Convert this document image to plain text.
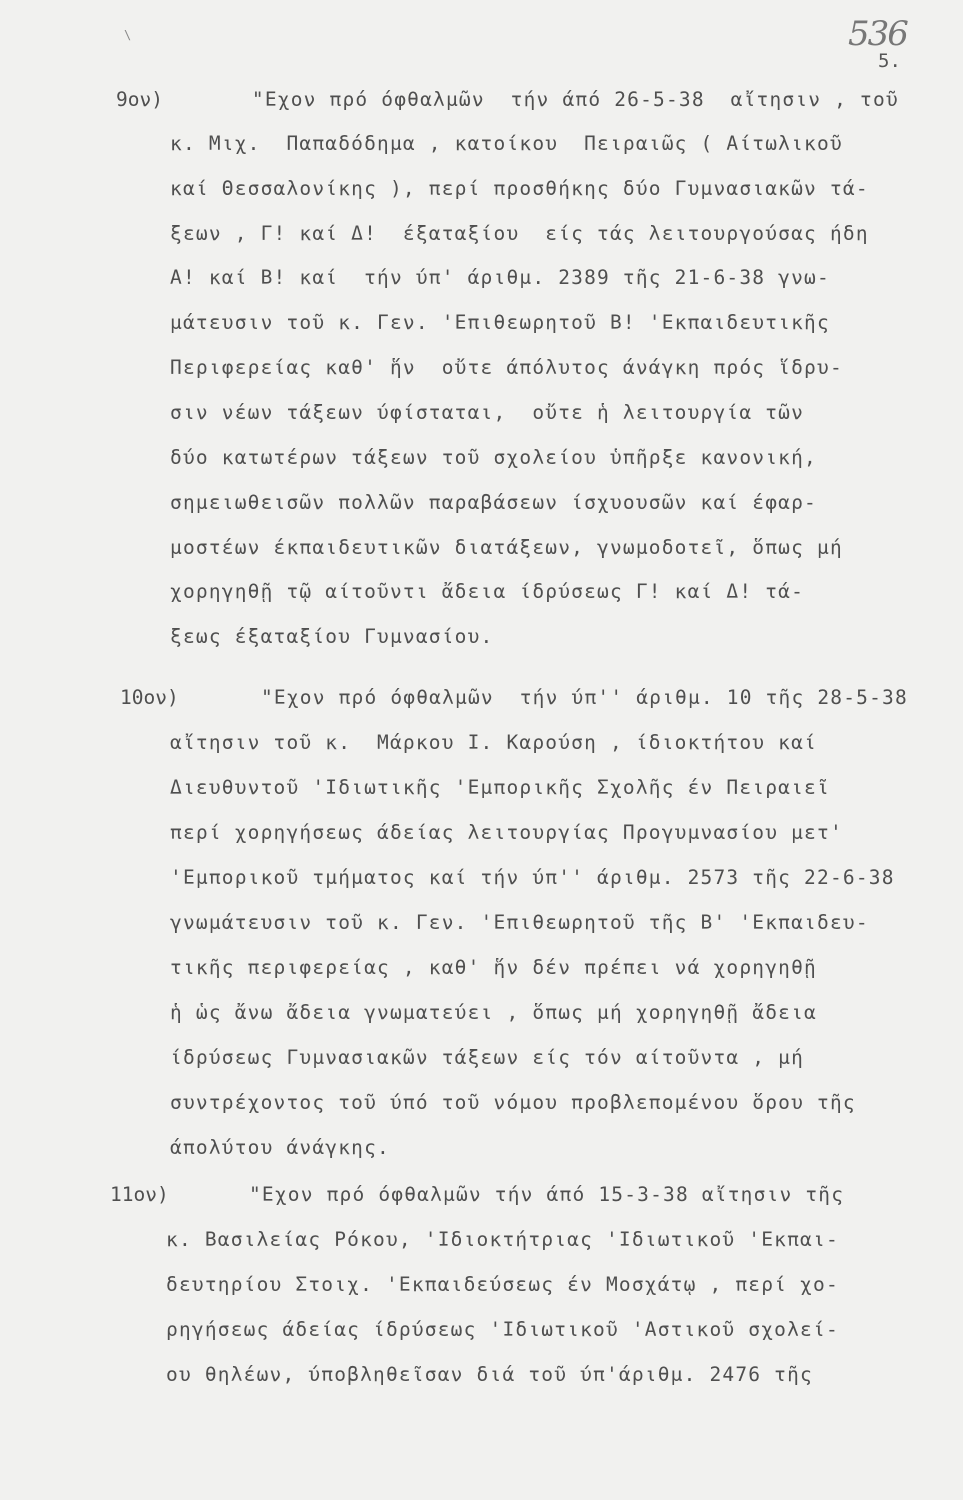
\	536
5.
9ον)	"Εχον πρό όφθαλμῶν  τήν άπό 26-5-38  αἴτησιν , τοῦ
κ. Μιχ.  Παπαδόδημα , κατοίκου  Πειραιῶς ( Αίτωλικοῦ
καί Θεσσαλονίκης ), περί προσθήκης δύο Γυμνασιακῶν τά-
ξεων , Γ! καί Δ!  έξαταξίου  είς τάς λειτουργούσας ήδη
Α! καί Β! καί  τήν ύπ' άριθμ. 2389 τῆς 21-6-38 γνω-
μάτευσιν τοῦ κ. Γεν. 'Επιθεωρητοῦ Β! 'Εκπαιδευτικῆς
Περιφερείας καθ' ἥν  οὔτε άπόλυτος άνάγκη πρός ἵδρυ-
σιν νέων τάξεων ύφίσταται,  οὔτε ἡ λειτουργία τῶν
δύο κατωτέρων τάξεων τοῦ σχολείου ὑπῆρξε κανονική,
σημειωθεισῶν πολλῶν παραβάσεων ίσχυουσῶν καί έφαρ-
μοστέων έκπαιδευτικῶν διατάξεων, γνωμοδοτεῖ, ὅπως μή
χορηγηθῇ τῷ αίτοῦντι ἄδεια ίδρύσεως Γ! καί Δ! τά-
ξεως έξαταξίου Γυμνασίου.
10ον)	"Εχον πρό όφθαλμῶν  τήν ύπ'' άριθμ. 10 τῆς 28-5-38
αἴτησιν τοῦ κ.  Μάρκου Ι. Καρούση , ίδιοκτήτου καί
Διευθυντοῦ 'Ιδιωτικῆς 'Εμπορικῆς Σχολῆς έν Πειραιεῖ
περί χορηγήσεως άδείας λειτουργίας Προγυμνασίου μετ'
'Εμπορικοῦ τμήματος καί τήν ύπ'' άριθμ. 2573 τῆς 22-6-38
γνωμάτευσιν τοῦ κ. Γεν. 'Επιθεωρητοῦ τῆς Β' 'Εκπαιδευ-
τικῆς περιφερείας , καθ' ἥν δέν πρέπει νά χορηγηθῇ
ἡ ὡς ἄνω ἄδεια γνωματεύει , ὅπως μή χορηγηθῇ ἄδεια
ίδρύσεως Γυμνασιακῶν τάξεων είς τόν αίτοῦντα , μή
συντρέχοντος τοῦ ύπό τοῦ νόμου προβλεπομένου ὅρου τῆς
άπολύτου άνάγκης.
11ον)	"Εχον πρό όφθαλμῶν τήν άπό 15-3-38 αἴτησιν τῆς
κ. Βασιλείας Ρόκου, 'Ιδιοκτήτριας 'Ιδιωτικοῦ 'Εκπαι-
δευτηρίου Στοιχ. 'Εκπαιδεύσεως έν Μοσχάτῳ , περί χο-
ρηγήσεως άδείας ίδρύσεως 'Ιδιωτικοῦ 'Αστικοῦ σχολεί-
ου θηλέων, ύποβληθεῖσαν διά τοῦ ύπ'άριθμ. 2476 τῆς
